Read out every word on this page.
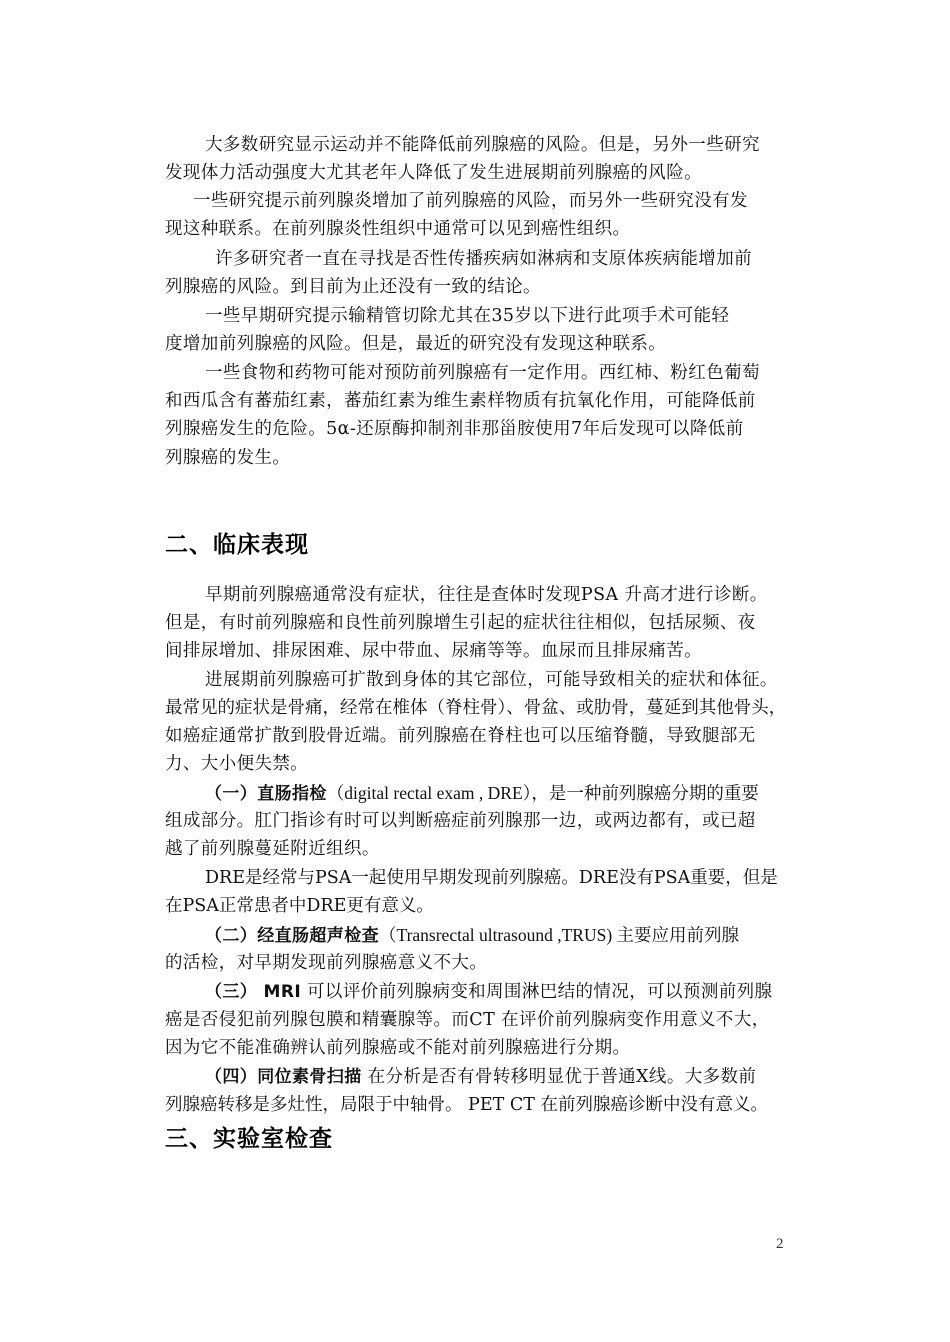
大多数研究显示运动并不能降低前列腺癌的风险。但是，另外一些研究
发现体力活动强度大尤其老年人降低了发生进展期前列腺癌的风险。
一些研究提示前列腺炎增加了前列腺癌的风险，而另外一些研究没有发
现这种联系。在前列腺炎性组织中通常可以见到癌性组织。
许多研究者一直在寻找是否性传播疾病如淋病和支原体疾病能增加前
列腺癌的风险。到目前为止还没有一致的结论。
一些早期研究提示输精管切除尤其在35岁以下进行此项手术可能轻
度增加前列腺癌的风险。但是，最近的研究没有发现这种联系。
一些食物和药物可能对预防前列腺癌有一定作用。西红柿、粉红色葡萄
和西瓜含有蕃茄红素，蕃茄红素为维生素样物质有抗氧化作用，可能降低前
列腺癌发生的危险。5α-还原酶抑制剂非那甾胺使用7年后发现可以降低前
列腺癌的发生。
二、临床表现
早期前列腺癌通常没有症状，往往是查体时发现PSA 升高才进行诊断。
但是，有时前列腺癌和良性前列腺增生引起的症状往往相似，包括尿频、夜
间排尿增加、排尿困难、尿中带血、尿痛等等。血尿而且排尿痛苦。
进展期前列腺癌可扩散到身体的其它部位，可能导致相关的症状和体征。
最常见的症状是骨痛，经常在椎体（脊柱骨）、骨盆、或肋骨，蔓延到其他骨头，
如癌症通常扩散到股骨近端。前列腺癌在脊柱也可以压缩脊髓，导致腿部无
力、大小便失禁。
（一）直肠指检（digital rectal exam , DRE），是一种前列腺癌分期的重要
组成部分。肛门指诊有时可以判断癌症前列腺那一边，或两边都有，或已超
越了前列腺蔓延附近组织。
DRE是经常与PSA一起使用早期发现前列腺癌。DRE没有PSA重要，但是
在PSA正常患者中DRE更有意义。
（二）经直肠超声检查（Transrectal ultrasound ,TRUS) 主要应用前列腺
的活检，对早期发现前列腺癌意义不大。
（三） MRI 可以评价前列腺病变和周围淋巴结的情况，可以预测前列腺
癌是否侵犯前列腺包膜和精囊腺等。而CT 在评价前列腺病变作用意义不大，
因为它不能准确辨认前列腺癌或不能对前列腺癌进行分期。
（四）同位素骨扫描 在分析是否有骨转移明显优于普通X线。大多数前
列腺癌转移是多灶性，局限于中轴骨。 PET CT 在前列腺癌诊断中没有意义。
三、实验室检查
2
